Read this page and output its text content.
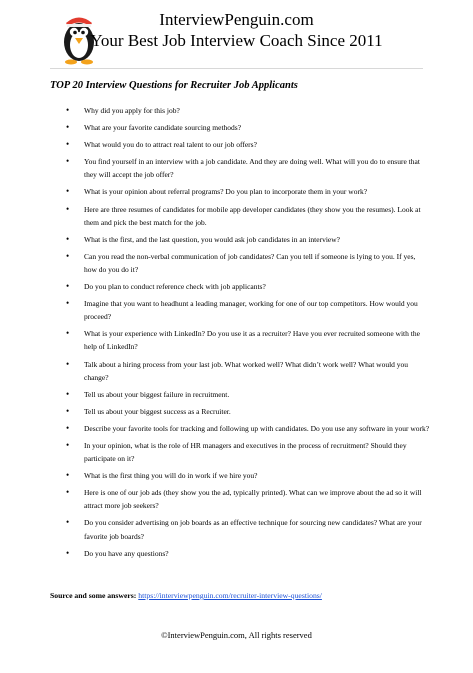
InterviewPenguin.com
Your Best Job Interview Coach Since 2011
TOP 20 Interview Questions for Recruiter Job Applicants
• Why did you apply for this job?
• What are your favorite candidate sourcing methods?
• What would you do to attract real talent to our job offers?
• You find yourself in an interview with a job candidate. And they are doing well. What will you do to ensure that they will accept the job offer?
• What is your opinion about referral programs? Do you plan to incorporate them in your work?
• Here are three resumes of candidates for mobile app developer candidates (they show you the resumes). Look at them and pick the best match for the job.
• What is the first, and the last question, you would ask job candidates in an interview?
• Can you read the non-verbal communication of job candidates? Can you tell if someone is lying to you. If yes, how do you do it?
• Do you plan to conduct reference check with job applicants?
• Imagine that you want to headhunt a leading manager, working for one of our top competitors. How would you proceed?
• What is your experience with LinkedIn? Do you use it as a recruiter? Have you ever recruited someone with the help of LinkedIn?
• Talk about a hiring process from your last job. What worked well? What didn’t work well? What would you change?
• Tell us about your biggest failure in recruitment.
• Tell us about your biggest success as a Recruiter.
• Describe your favorite tools for tracking and following up with candidates. Do you use any software in your work?
• In your opinion, what is the role of HR managers and executives in the process of recruitment? Should they participate on it?
• What is the first thing you will do in work if we hire you?
• Here is one of our job ads (they show you the ad, typically printed). What can we improve about the ad so it will attract more job seekers?
• Do you consider advertising on job boards as an effective technique for sourcing new candidates? What are your favorite job boards?
• Do you have any questions?
Source and some answers: https://interviewpenguin.com/recruiter-interview-questions/
©InterviewPenguin.com, All rights reserved
